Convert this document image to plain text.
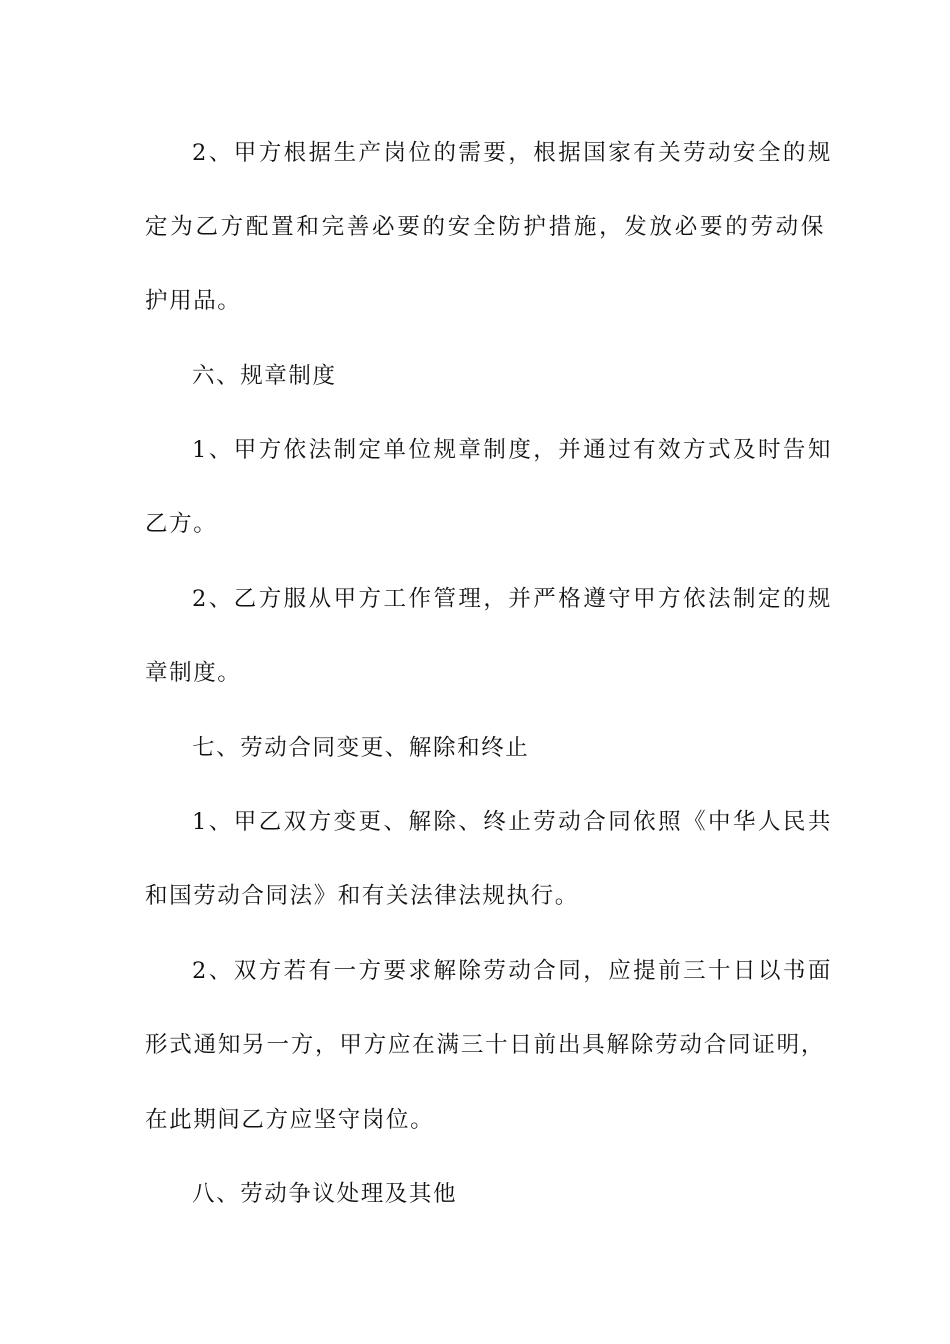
2、甲方根据生产岗位的需要，根据国家有关劳动安全的规
定为乙方配置和完善必要的安全防护措施，发放必要的劳动保
护用品。
六、规章制度
1、甲方依法制定单位规章制度，并通过有效方式及时告知
乙方。
2、乙方服从甲方工作管理，并严格遵守甲方依法制定的规
章制度。
七、劳动合同变更、解除和终止
1、甲乙双方变更、解除、终止劳动合同依照《中华人民共
和国劳动合同法》和有关法律法规执行。
2、双方若有一方要求解除劳动合同，应提前三十日以书面
形式通知另一方，甲方应在满三十日前出具解除劳动合同证明，
在此期间乙方应坚守岗位。
八、劳动争议处理及其他
